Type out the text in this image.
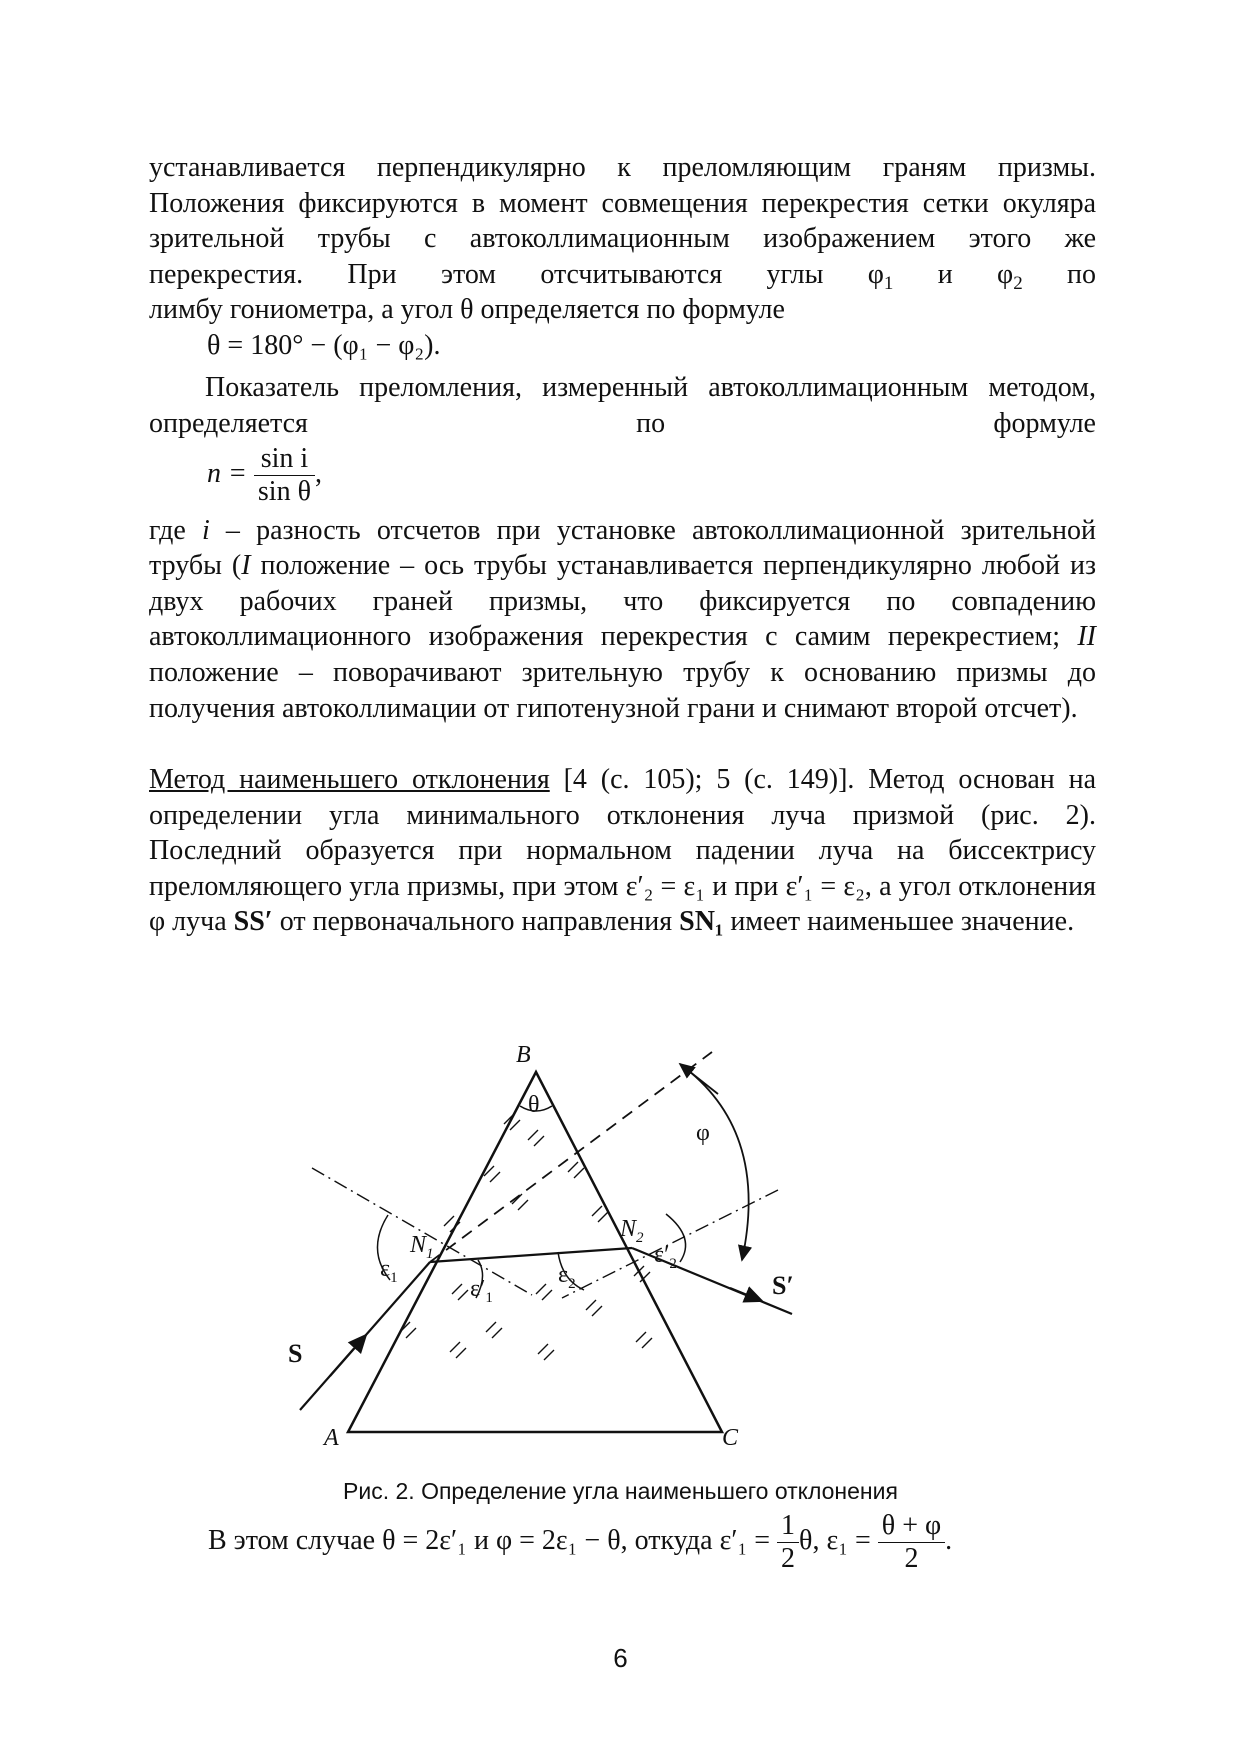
устанавливается перпендикулярно к преломляющим граням призмы. Положения фиксируются в момент совмещения перекрестия сетки окуляра зрительной трубы с автоколлимационным изображением этого же перекрестия. При этом отсчитываются углы $\varphi_1$ и $\varphi_2$ по

лимбу гониометра, а угол θ определяется по формуле

θ = 180° − (φ₁ − φ₂).

Показатель преломления, измеренный автоколлимационным методом, определяется по формуле

$n = \frac{\text{sin i}}{\text{sin θ}}$ ,

где i – разность отсчетов при установке автоколлимационной зрительной трубы (I положение – ось трубы устанавливается перпендикулярно любой из двух рабочих граней призмы, что фиксируется по совпадению автоколлимационного изображения перекрестия с самим перекрестием; II положение – поворачивают зрительную трубу к основанию призмы до получения автоколлимации от гипотенузной грани и снимают второй отсчет).

Метод наименьшего отклонения [4 (с. 105); 5 (с. 149)]. Метод основан на определении угла минимального отклонения луча призмой (рис. 2). Последний образуется при нормальном падении луча на биссектрису преломляющего угла призмы, при этом ε′₂ = ε₁ и при ε′₁ = ε₂, а угол отклонения φ луча SS′ от первоначального направления SN₁ имеет наименьшее значение.

B
A	C
θ
φ
$N_1$
$N_2$
$\varepsilon_1$	$\varepsilon'_1$
$\varepsilon_2$
$\varepsilon'_2$
S
S′
Рис. 2. Определение угла наименьшего отклонения
В этом случае θ = 2ε′₁ и φ = 2ε₁ − θ, откуда $\varepsilon'_1 = \frac{1}{2} \theta$, $\varepsilon_1 = \frac{\theta + \varphi}{2}$ .
6
